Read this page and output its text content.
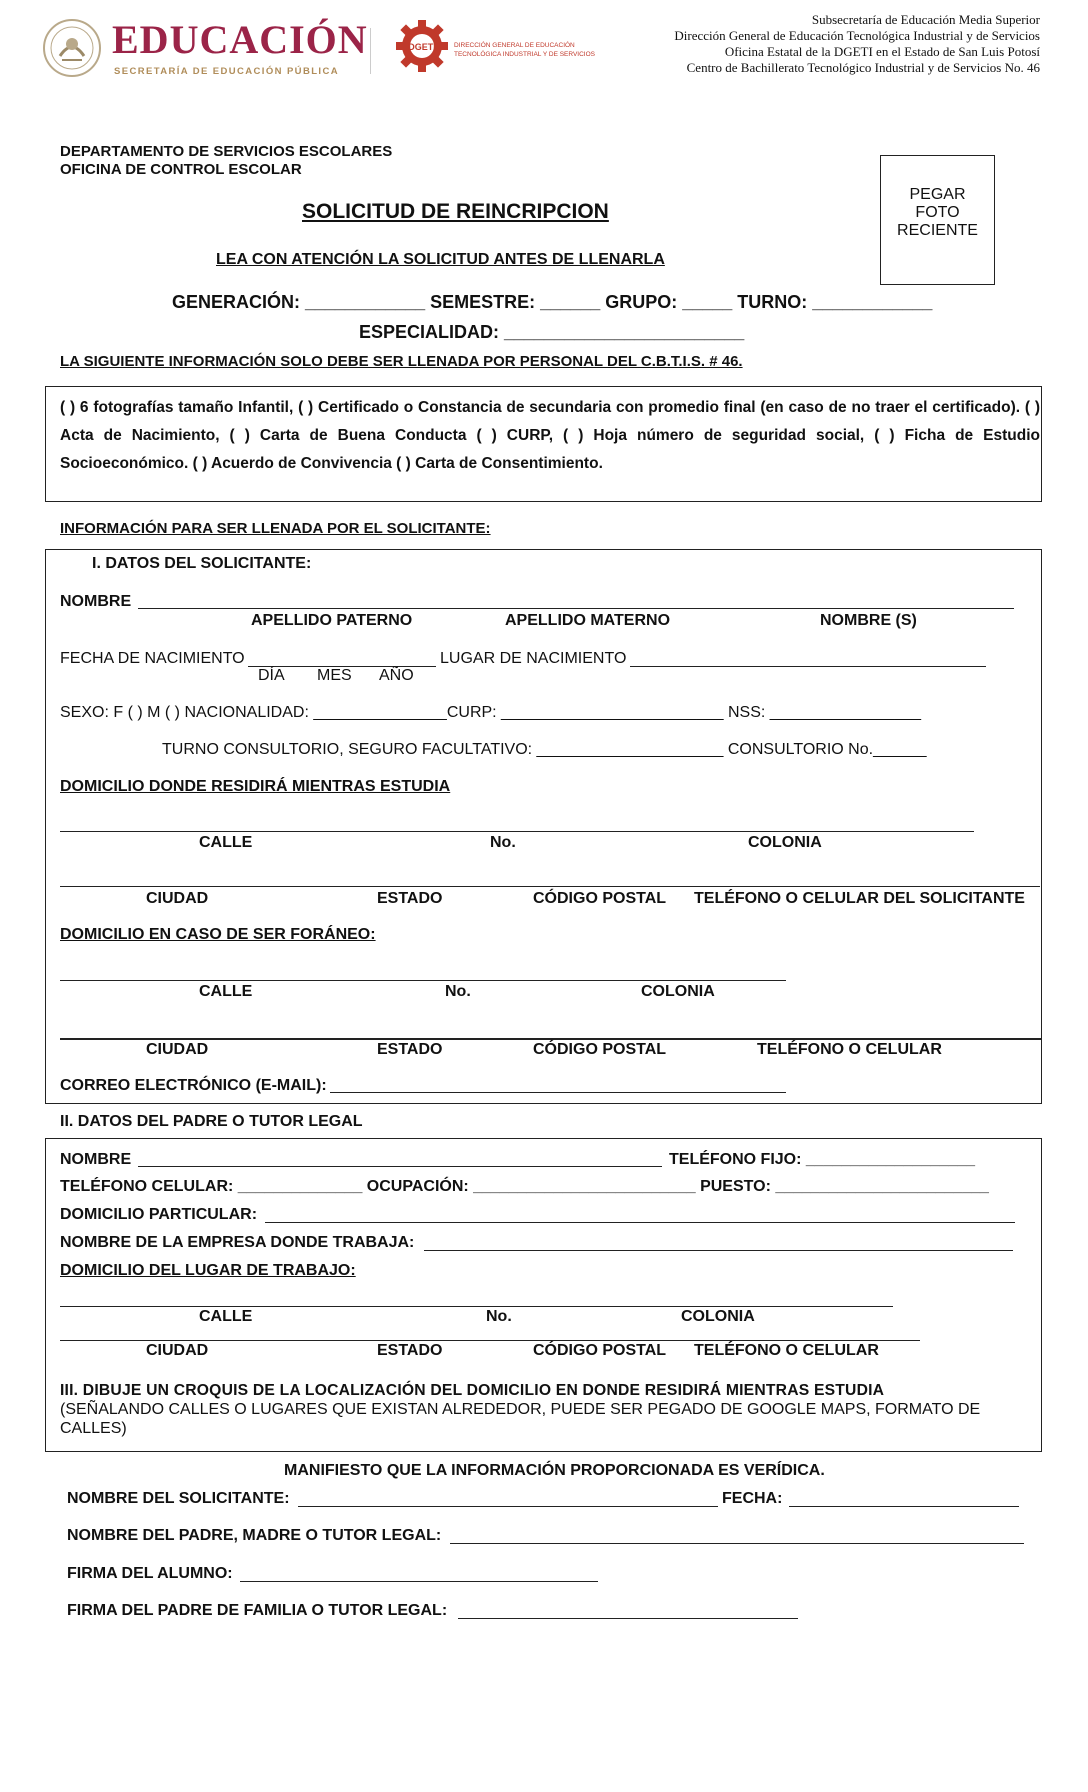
EDUCACIÓN
SECRETARÍA DE EDUCACIÓN PÚBLICA
DGETI	DIRECCIÓN GENERAL DE EDUCACIÓN
TECNOLÓGICA INDUSTRIAL Y DE SERVICIOS
Subsecretaría de Educación Media Superior
Dirección General de Educación Tecnológica Industrial y de Servicios
Oficina Estatal de la DGETI en el Estado de San Luis Potosí
Centro de Bachillerato Tecnológico Industrial y de Servicios No. 46
DEPARTAMENTO DE SERVICIOS ESCOLARES
OFICINA DE CONTROL ESCOLAR
PEGAR
FOTO
RECIENTE
SOLICITUD DE REINCRIPCION
LEA CON ATENCIÓN LA SOLICITUD ANTES DE LLENARLA
GENERACIÓN: ____________ SEMESTRE: ______ GRUPO: _____ TURNO: ____________
ESPECIALIDAD: ________________________
LA SIGUIENTE INFORMACIÓN SOLO DEBE SER LLENADA POR PERSONAL DEL C.B.T.I.S. # 46.
( ) 6 fotografías tamaño Infantil, ( ) Certificado o Constancia de secundaria con promedio final (en caso de no traer el certificado). ( ) Acta de Nacimiento, ( ) Carta de Buena Conducta ( ) CURP, ( ) Hoja número de seguridad social, ( ) Ficha de Estudio Socioeconómico. ( ) Acuerdo de Convivencia ( ) Carta de Consentimiento.
INFORMACIÓN PARA SER LLENADA POR EL SOLICITANTE:
I. DATOS DEL SOLICITANTE:
NOMBRE
APELLIDO PATERNO	APELLIDO MATERNO	NOMBRE (S)
FECHA DE NACIMIENTO	LUGAR DE NACIMIENTO
DÍA MES AÑO
SEXO: F ( ) M ( ) NACIONALIDAD: _______________CURP: _________________________ NSS: _________________
TURNO CONSULTORIO, SEGURO FACULTATIVO: _____________________ CONSULTORIO No.______
DOMICILIO DONDE RESIDIRÁ MIENTRAS ESTUDIA
CALLE	No.	COLONIA
CIUDAD	ESTADO	CÓDIGO POSTAL TELÉFONO O CELULAR DEL SOLICITANTE
DOMICILIO EN CASO DE SER FORÁNEO:
CALLE	No.	COLONIA
CIUDAD	ESTADO	CÓDIGO POSTAL	TELÉFONO O CELULAR
CORREO ELECTRÓNICO (E-MAIL):
II. DATOS DEL PADRE O TUTOR LEGAL
NOMBRE	TELÉFONO FIJO: ___________________
TELÉFONO CELULAR: ______________ OCUPACIÓN: _________________________ PUESTO: ________________________
DOMICILIO PARTICULAR:
NOMBRE DE LA EMPRESA DONDE TRABAJA:
DOMICILIO DEL LUGAR DE TRABAJO:
CALLE	No.	COLONIA
CIUDAD	ESTADO	CÓDIGO POSTAL TELÉFONO O CELULAR
III. DIBUJE UN CROQUIS DE LA LOCALIZACIÓN DEL DOMICILIO EN DONDE RESIDIRÁ MIENTRAS ESTUDIA
(SEÑALANDO CALLES O LUGARES QUE EXISTAN ALREDEDOR, PUEDE SER PEGADO DE GOOGLE MAPS, FORMATO DE CALLES)
MANIFIESTO QUE LA INFORMACIÓN PROPORCIONADA ES VERÍDICA.
NOMBRE DEL SOLICITANTE:	FECHA:
NOMBRE DEL PADRE, MADRE O TUTOR LEGAL:
FIRMA DEL ALUMNO:
FIRMA DEL PADRE DE FAMILIA O TUTOR LEGAL:
